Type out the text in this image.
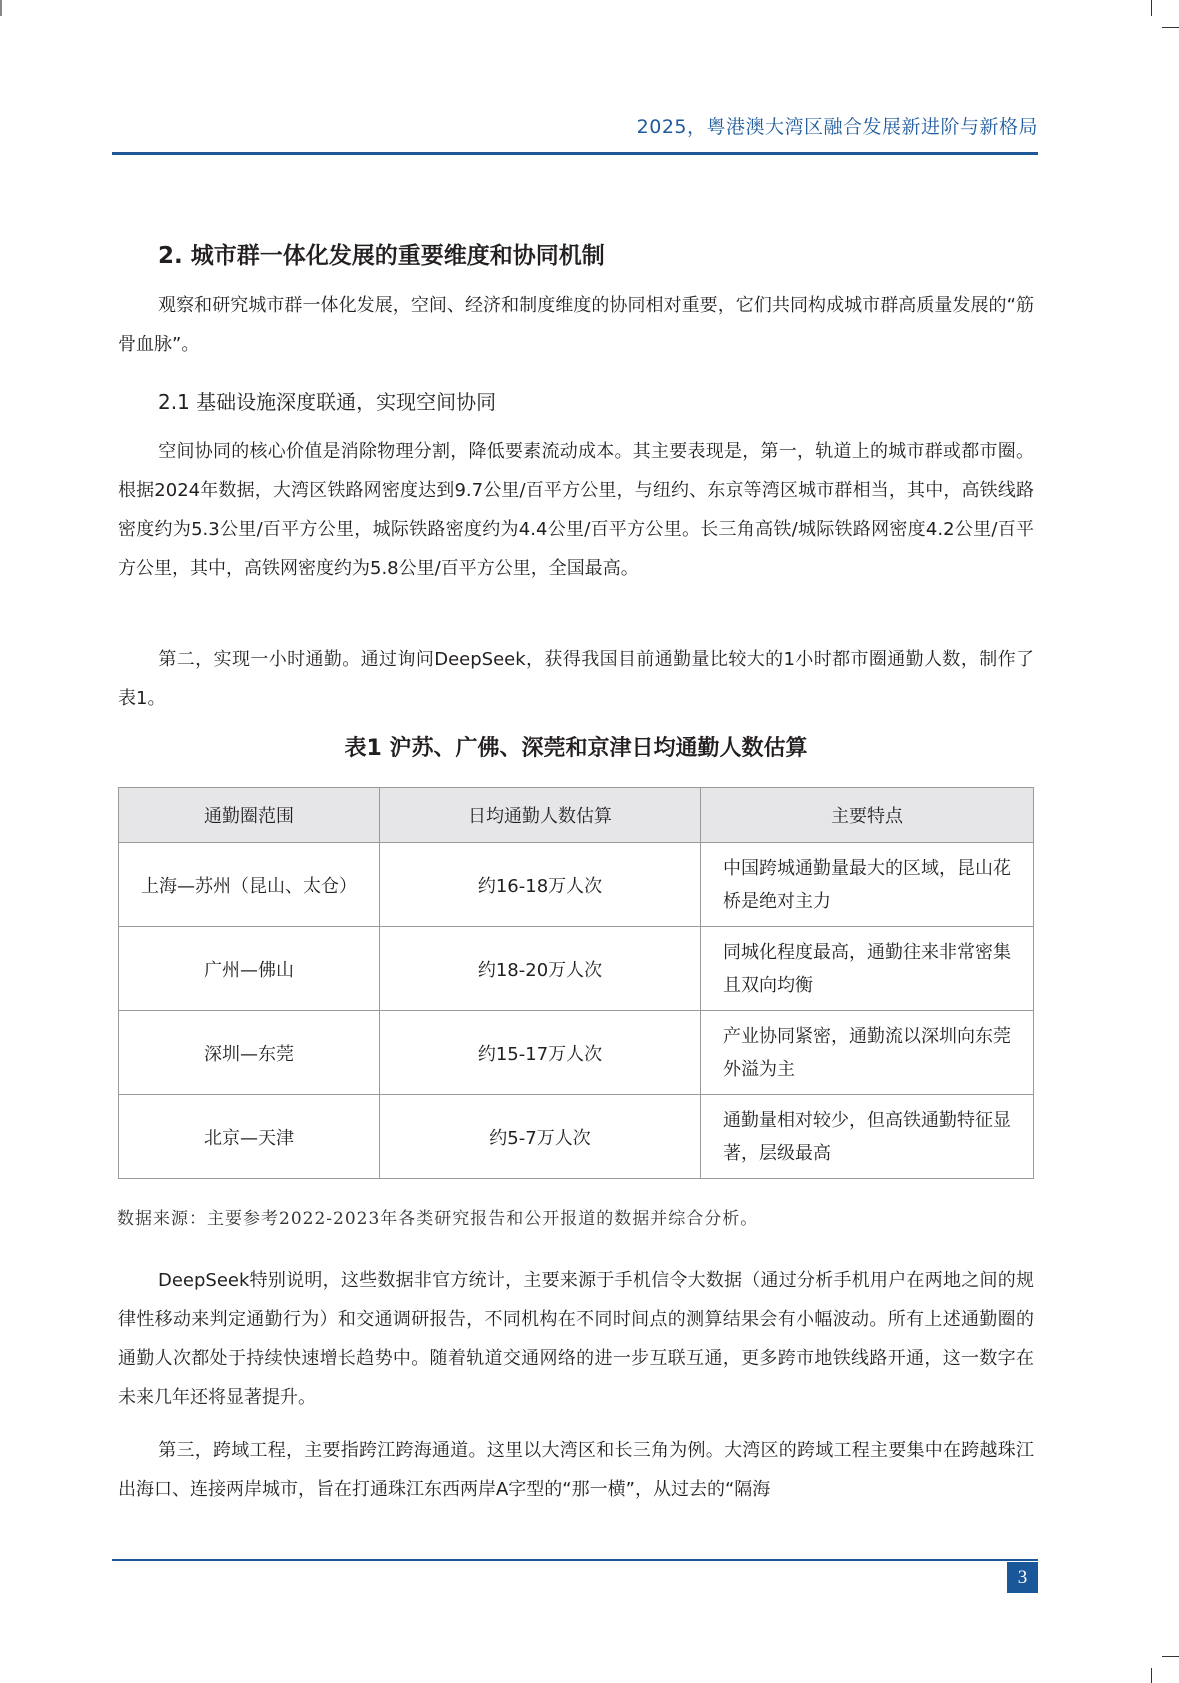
2025，粤港澳大湾区融合发展新进阶与新格局
2. 城市群一体化发展的重要维度和协同机制
观察和研究城市群一体化发展，空间、经济和制度维度的协同相对重要，它们共同构成城市群高质量发展的“筋骨血脉”。
2.1 基础设施深度联通，实现空间协同
空间协同的核心价值是消除物理分割，降低要素流动成本。其主要表现是，第一，轨道上的城市群或都市圈。根据2024年数据，大湾区铁路网密度达到9.7公里/百平方公里，与纽约、东京等湾区城市群相当，其中，高铁线路密度约为5.3公里/百平方公里，城际铁路密度约为4.4公里/百平方公里。长三角高铁/城际铁路网密度4.2公里/百平方公里，其中，高铁网密度约为5.8公里/百平方公里，全国最高。
第二，实现一小时通勤。通过询问DeepSeek，获得我国目前通勤量比较大的1小时都市圈通勤人数，制作了表1。
表1 沪苏、广佛、深莞和京津日均通勤人数估算
通勤圈范围	日均通勤人数估算	主要特点
上海—苏州（昆山、太仓）	约16-18万人次	中国跨城通勤量最大的区域，昆山花桥是绝对主力
广州—佛山	约18-20万人次	同城化程度最高，通勤往来非常密集且双向均衡
深圳—东莞	约15-17万人次	产业协同紧密，通勤流以深圳向东莞外溢为主
北京—天津	约5-7万人次	通勤量相对较少，但高铁通勤特征显著，层级最高
数据来源：主要参考2022-2023年各类研究报告和公开报道的数据并综合分析。
DeepSeek特别说明，这些数据非官方统计，主要来源于手机信令大数据（通过分析手机用户在两地之间的规律性移动来判定通勤行为）和交通调研报告，不同机构在不同时间点的测算结果会有小幅波动。所有上述通勤圈的通勤人次都处于持续快速增长趋势中。随着轨道交通网络的进一步互联互通，更多跨市地铁线路开通，这一数字在未来几年还将显著提升。
第三，跨域工程，主要指跨江跨海通道。这里以大湾区和长三角为例。大湾区的跨域工程主要集中在跨越珠江出海口、连接两岸城市，旨在打通珠江东西两岸A字型的“那一横”，从过去的“隔海
3
